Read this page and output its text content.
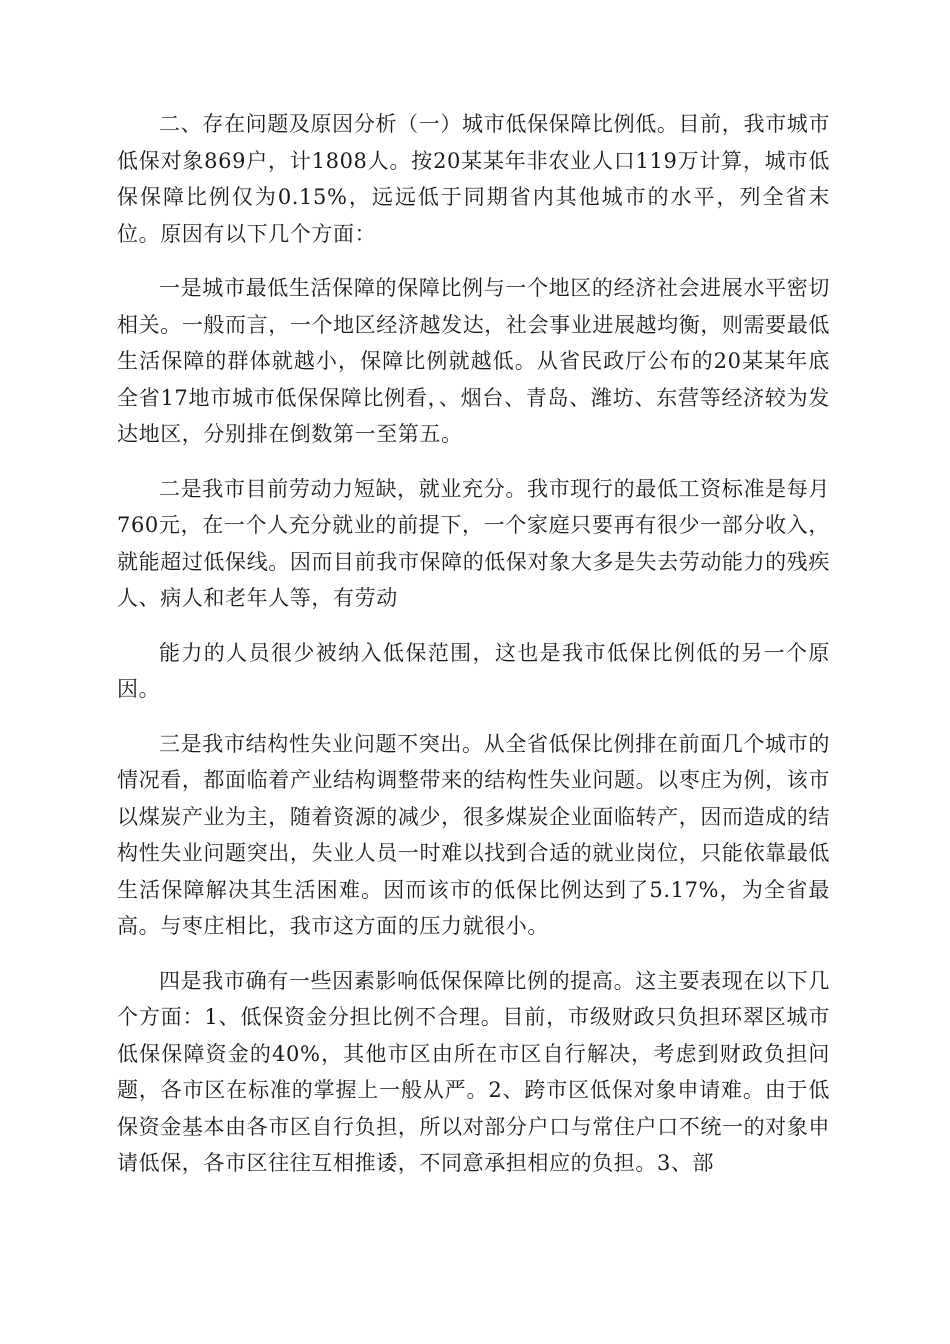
二、存在问题及原因分析（一）城市低保保障比例低。目前，我市城市低保对象869户，计1808人。按20某某年非农业人口119万计算，城市低保保障比例仅为0.15%，远远低于同期省内其他城市的水平，列全省末位。原因有以下几个方面：

一是城市最低生活保障的保障比例与一个地区的经济社会进展水平密切相关。一般而言，一个地区经济越发达，社会事业进展越均衡，则需要最低生活保障的群体就越小，保障比例就越低。从省民政厅公布的20某某年底全省17地市城市低保保障比例看，、烟台、青岛、潍坊、东营等经济较为发达地区，分别排在倒数第一至第五。

二是我市目前劳动力短缺，就业充分。我市现行的最低工资标准是每月760元，在一个人充分就业的前提下，一个家庭只要再有很少一部分收入，就能超过低保线。因而目前我市保障的低保对象大多是失去劳动能力的残疾人、病人和老年人等，有劳动

能力的人员很少被纳入低保范围，这也是我市低保比例低的另一个原因。

三是我市结构性失业问题不突出。从全省低保比例排在前面几个城市的情况看，都面临着产业结构调整带来的结构性失业问题。以枣庄为例，该市以煤炭产业为主，随着资源的减少，很多煤炭企业面临转产，因而造成的结构性失业问题突出，失业人员一时难以找到合适的就业岗位，只能依靠最低生活保障解决其生活困难。因而该市的低保比例达到了5.17%，为全省最高。与枣庄相比，我市这方面的压力就很小。

四是我市确有一些因素影响低保保障比例的提高。这主要表现在以下几个方面：1、低保资金分担比例不合理。目前，市级财政只负担环翠区城市低保保障资金的40%，其他市区由所在市区自行解决，考虑到财政负担问题，各市区在标准的掌握上一般从严。2、跨市区低保对象申请难。由于低保资金基本由各市区自行负担，所以对部分户口与常住户口不统一的对象申请低保，各市区往往互相推诿，不同意承担相应的负担。3、部
